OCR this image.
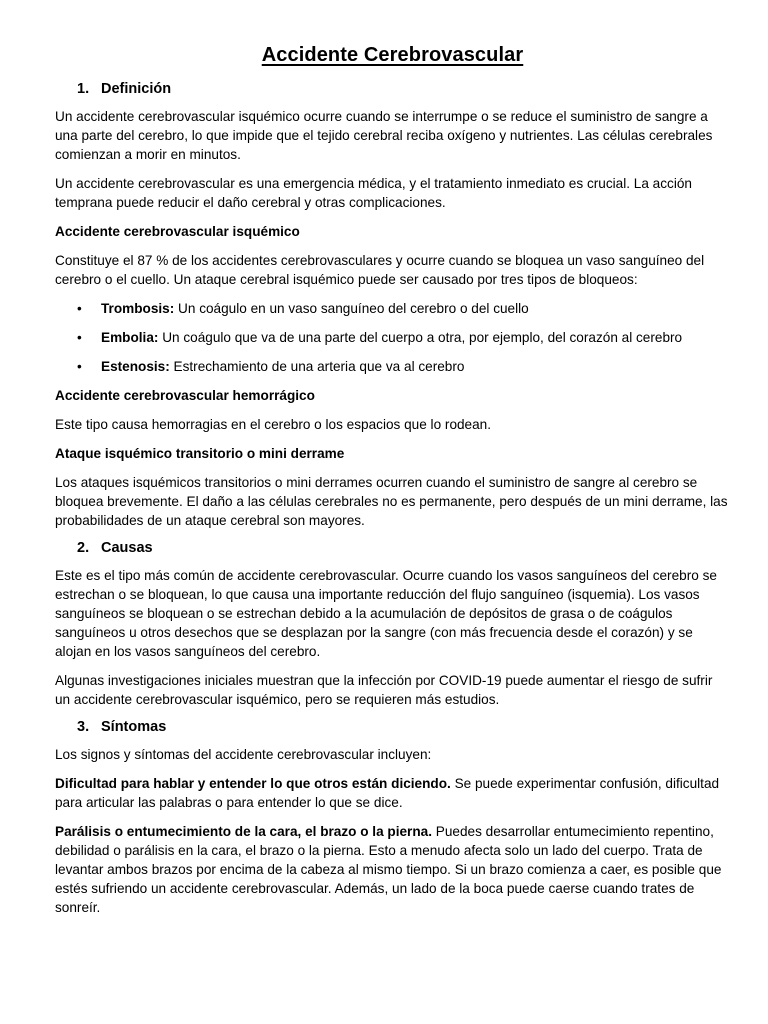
Accidente Cerebrovascular
1. Definición

Un accidente cerebrovascular isquémico ocurre cuando se interrumpe o se reduce el suministro de sangre a una parte del cerebro, lo que impide que el tejido cerebral reciba oxígeno y nutrientes. Las células cerebrales comienzan a morir en minutos.

Un accidente cerebrovascular es una emergencia médica, y el tratamiento inmediato es crucial. La acción temprana puede reducir el daño cerebral y otras complicaciones.

Accidente cerebrovascular isquémico

Constituye el 87 % de los accidentes cerebrovasculares y ocurre cuando se bloquea un vaso sanguíneo del cerebro o el cuello. Un ataque cerebral isquémico puede ser causado por tres tipos de bloqueos:

• Trombosis: Un coágulo en un vaso sanguíneo del cerebro o del cuello
• Embolia: Un coágulo que va de una parte del cuerpo a otra, por ejemplo, del corazón al cerebro
• Estenosis: Estrechamiento de una arteria que va al cerebro

Accidente cerebrovascular hemorrágico

Este tipo causa hemorragias en el cerebro o los espacios que lo rodean.

Ataque isquémico transitorio o mini derrame

Los ataques isquémicos transitorios o mini derrames ocurren cuando el suministro de sangre al cerebro se bloquea brevemente. El daño a las células cerebrales no es permanente, pero después de un mini derrame, las probabilidades de un ataque cerebral son mayores.

2. Causas

Este es el tipo más común de accidente cerebrovascular. Ocurre cuando los vasos sanguíneos del cerebro se estrechan o se bloquean, lo que causa una importante reducción del flujo sanguíneo (isquemia). Los vasos sanguíneos se bloquean o se estrechan debido a la acumulación de depósitos de grasa o de coágulos sanguíneos u otros desechos que se desplazan por la sangre (con más frecuencia desde el corazón) y se alojan en los vasos sanguíneos del cerebro.

Algunas investigaciones iniciales muestran que la infección por COVID-19 puede aumentar el riesgo de sufrir un accidente cerebrovascular isquémico, pero se requieren más estudios.

3. Síntomas

Los signos y síntomas del accidente cerebrovascular incluyen:

Dificultad para hablar y entender lo que otros están diciendo. Se puede experimentar confusión, dificultad para articular las palabras o para entender lo que se dice.

Parálisis o entumecimiento de la cara, el brazo o la pierna. Puedes desarrollar entumecimiento repentino, debilidad o parálisis en la cara, el brazo o la pierna. Esto a menudo afecta solo un lado del cuerpo. Trata de levantar ambos brazos por encima de la cabeza al mismo tiempo. Si un brazo comienza a caer, es posible que estés sufriendo un accidente cerebrovascular. Además, un lado de la boca puede caerse cuando trates de sonreír.
